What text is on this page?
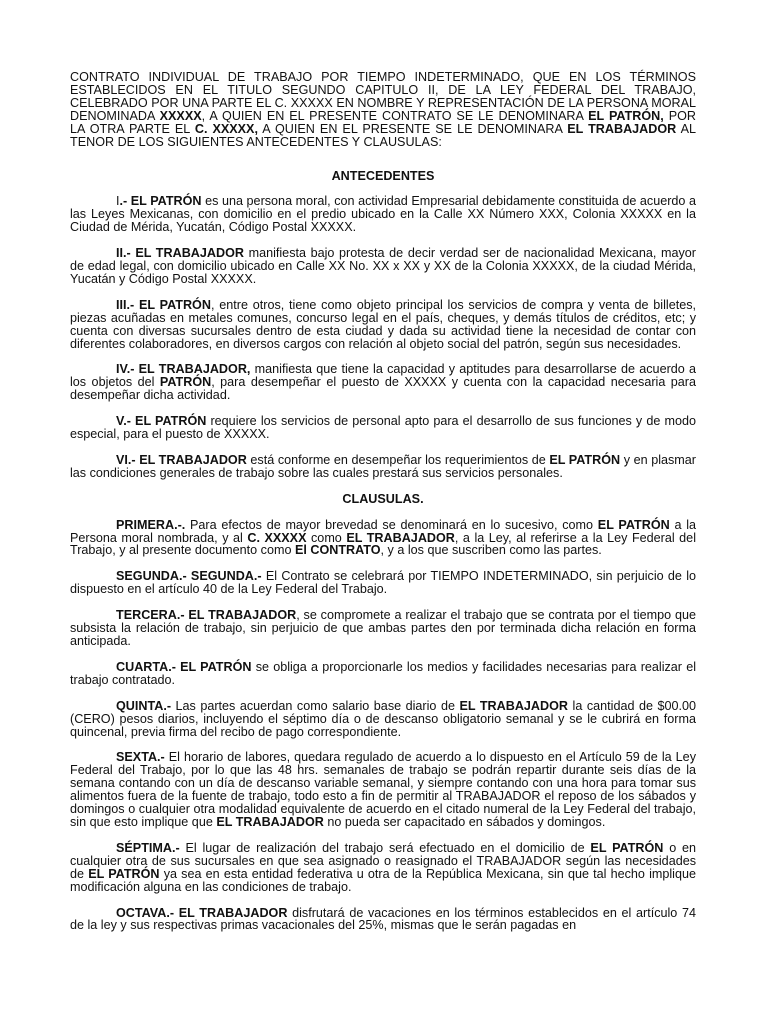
CONTRATO INDIVIDUAL DE TRABAJO POR TIEMPO INDETERMINADO, QUE EN LOS TÉRMINOS ESTABLECIDOS EN EL TITULO SEGUNDO CAPITULO II, DE LA LEY FEDERAL DEL TRABAJO, CELEBRADO POR UNA PARTE EL C. XXXXX EN NOMBRE Y REPRESENTACIÓN DE LA PERSONA MORAL DENOMINADA XXXXX, A QUIEN EN EL PRESENTE CONTRATO SE LE DENOMINARA EL PATRÓN, POR LA OTRA PARTE EL C. XXXXX, A QUIEN EN EL PRESENTE SE LE DENOMINARA EL TRABAJADOR AL TENOR DE LOS SIGUIENTES ANTECEDENTES Y CLAUSULAS:

ANTECEDENTES

I.- EL PATRÓN es una persona moral, con actividad Empresarial debidamente constituida de acuerdo a las Leyes Mexicanas, con domicilio en el predio ubicado en la Calle XX Número XXX, Colonia XXXXX en la Ciudad de Mérida, Yucatán, Código Postal XXXXX.

II.- EL TRABAJADOR manifiesta bajo protesta de decir verdad ser de nacionalidad Mexicana, mayor de edad legal, con domicilio ubicado en Calle XX No. XX x XX y XX de la Colonia XXXXX, de la ciudad Mérida, Yucatán y Código Postal XXXXX.

III.- EL PATRÓN, entre otros, tiene como objeto principal los servicios de compra y venta de billetes, piezas acuñadas en metales comunes, concurso legal en el país, cheques, y demás títulos de créditos, etc; y cuenta con diversas sucursales dentro de esta ciudad y dada su actividad tiene la necesidad de contar con diferentes colaboradores, en diversos cargos con relación al objeto social del patrón, según sus necesidades.

IV.- EL TRABAJADOR, manifiesta que tiene la capacidad y aptitudes para desarrollarse de acuerdo a los objetos del PATRÓN, para desempeñar el puesto de XXXXX y cuenta con la capacidad necesaria para desempeñar dicha actividad.

V.- EL PATRÓN requiere los servicios de personal apto para el desarrollo de sus funciones y de modo especial, para el puesto de XXXXX.

VI.- EL TRABAJADOR está conforme en desempeñar los requerimientos de EL PATRÓN y en plasmar las condiciones generales de trabajo sobre las cuales prestará sus servicios personales.

CLAUSULAS.

PRIMERA.-. Para efectos de mayor brevedad se denominará en lo sucesivo, como EL PATRÓN a la Persona moral nombrada, y al C. XXXXX como EL TRABAJADOR, a la Ley, al referirse a la Ley Federal del Trabajo, y al presente documento como El CONTRATO, y a los que suscriben como las partes.

SEGUNDA.- SEGUNDA.- El Contrato se celebrará por TIEMPO INDETERMINADO, sin perjuicio de lo dispuesto en el artículo 40 de la Ley Federal del Trabajo.

TERCERA.- EL TRABAJADOR, se compromete a realizar el trabajo que se contrata por el tiempo que subsista la relación de trabajo, sin perjuicio de que ambas partes den por terminada dicha relación en forma anticipada.

CUARTA.- EL PATRÓN se obliga a proporcionarle los medios y facilidades necesarias para realizar el trabajo contratado.

QUINTA.- Las partes acuerdan como salario base diario de EL TRABAJADOR la cantidad de $00.00 (CERO) pesos diarios, incluyendo el séptimo día o de descanso obligatorio semanal y se le cubrirá en forma quincenal, previa firma del recibo de pago correspondiente.

SEXTA.- El horario de labores, quedara regulado de acuerdo a lo dispuesto en el Artículo 59 de la Ley Federal del Trabajo, por lo que las 48 hrs. semanales de trabajo se podrán repartir durante seis días de la semana contando con un día de descanso variable semanal, y siempre contando con una hora para tomar sus alimentos fuera de la fuente de trabajo, todo esto a fin de permitir al TRABAJADOR el reposo de los sábados y domingos o cualquier otra modalidad equivalente de acuerdo en el citado numeral de la Ley Federal del trabajo, sin que esto implique que EL TRABAJADOR no pueda ser capacitado en sábados y domingos.

SÉPTIMA.- El lugar de realización del trabajo será efectuado en el domicilio de EL PATRÓN o en cualquier otra de sus sucursales en que sea asignado o reasignado el TRABAJADOR según las necesidades de EL PATRÓN ya sea en esta entidad federativa u otra de la República Mexicana, sin que tal hecho implique modificación alguna en las condiciones de trabajo.

OCTAVA.- EL TRABAJADOR disfrutará de vacaciones en los términos establecidos en el artículo 74 de la ley y sus respectivas primas vacacionales del 25%, mismas que le serán pagadas en
